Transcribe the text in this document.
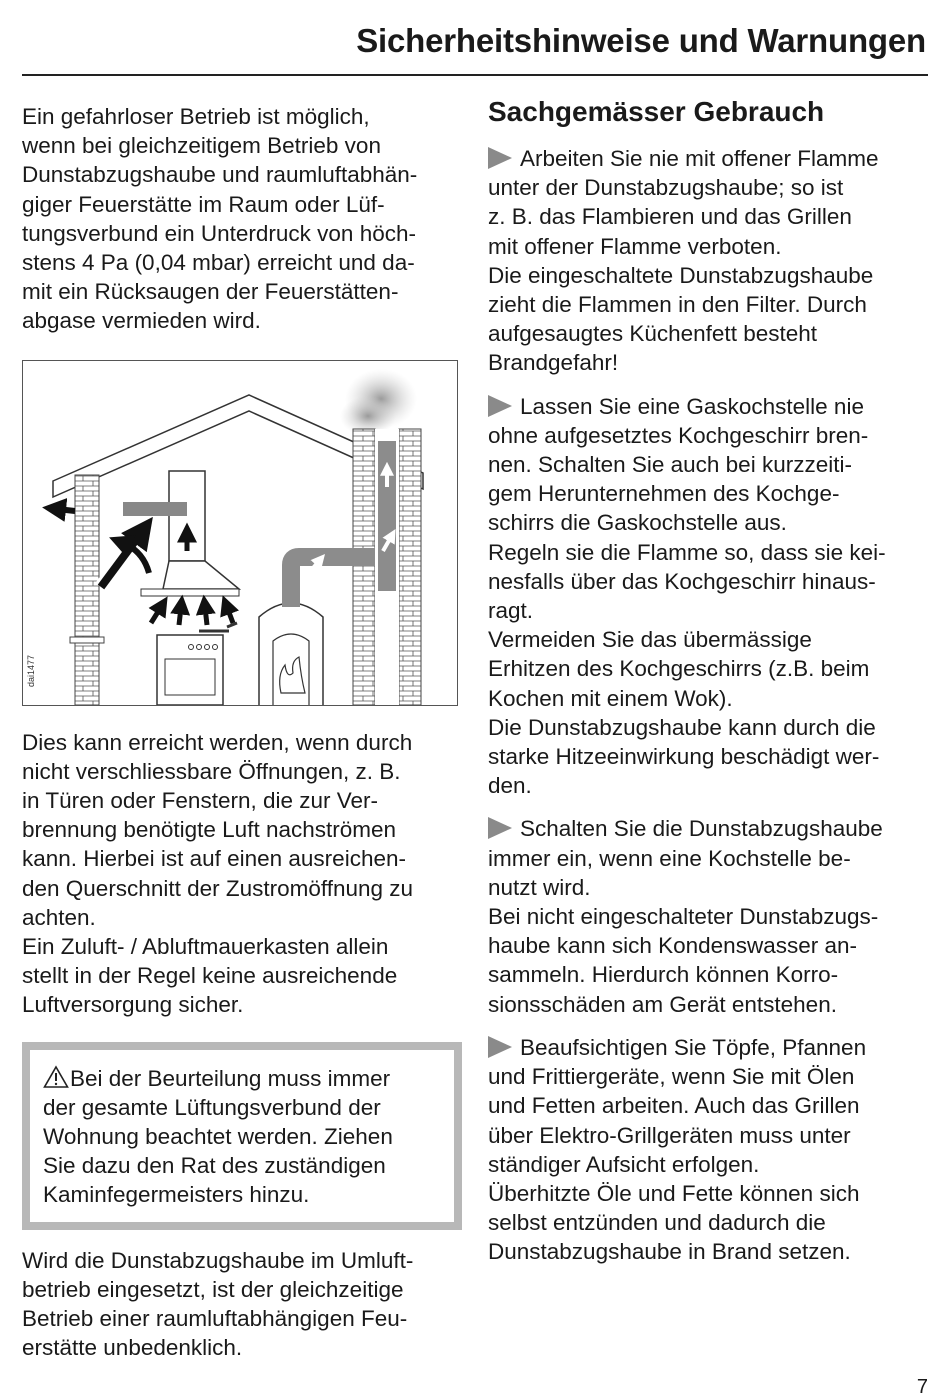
Sicherheitshinweise und Warnungen

Ein gefahrloser Betrieb ist möglich,
wenn bei gleichzeitigem Betrieb von
Dunstabzugshaube und raumluftabhän-
giger Feuerstätte im Raum oder Lüf-
tungsverbund ein Unterdruck von höch-
stens 4 Pa (0,04 mbar) erreicht und da-
mit ein Rücksaugen der Feuerstätten-
abgase vermieden wird.

dai1477

Dies kann erreicht werden, wenn durch
nicht verschliessbare Öffnungen, z. B.
in Türen oder Fenstern, die zur Ver-
brennung benötigte Luft nachströmen
kann. Hierbei ist auf einen ausreichen-
den Querschnitt der Zustromöffnung zu
achten.
Ein Zuluft- / Abluftmauerkasten allein
stellt in der Regel keine ausreichende
Luftversorgung sicher.

Bei der Beurteilung muss immer
der gesamte Lüftungsverbund der
Wohnung beachtet werden. Ziehen
Sie dazu den Rat des zuständigen
Kaminfegermeisters hinzu.

Wird die Dunstabzugshaube im Umluft-
betrieb eingesetzt, ist der gleichzeitige
Betrieb einer raumluftabhängigen Feu-
erstätte unbedenklich.

Sachgemässer Gebrauch

Arbeiten Sie nie mit offener Flamme
unter der Dunstabzugshaube; so ist
z. B. das Flambieren und das Grillen
mit offener Flamme verboten.
Die eingeschaltete Dunstabzugshaube
zieht die Flammen in den Filter. Durch
aufgesaugtes Küchenfett besteht
Brandgefahr!

Lassen Sie eine Gaskochstelle nie
ohne aufgesetztes Kochgeschirr bren-
nen. Schalten Sie auch bei kurzzeiti-
gem Herunternehmen des Kochge-
schirrs die Gaskochstelle aus.
Regeln sie die Flamme so, dass sie kei-
nesfalls über das Kochgeschirr hinaus-
ragt.
Vermeiden Sie das übermässige
Erhitzen des Kochgeschirrs (z.B. beim
Kochen mit einem Wok).
Die Dunstabzugshaube kann durch die
starke Hitzeeinwirkung beschädigt wer-
den.

Schalten Sie die Dunstabzugshaube
immer ein, wenn eine Kochstelle be-
nutzt wird.
Bei nicht eingeschalteter Dunstabzugs-
haube kann sich Kondenswasser an-
sammeln. Hierdurch können Korro-
sionsschäden am Gerät entstehen.

Beaufsichtigen Sie Töpfe, Pfannen
und Frittiergeräte, wenn Sie mit Ölen
und Fetten arbeiten. Auch das Grillen
über Elektro-Grillgeräten muss unter
ständiger Aufsicht erfolgen.
Überhitzte Öle und Fette können sich
selbst entzünden und dadurch die
Dunstabzugshaube in Brand setzen.

7
